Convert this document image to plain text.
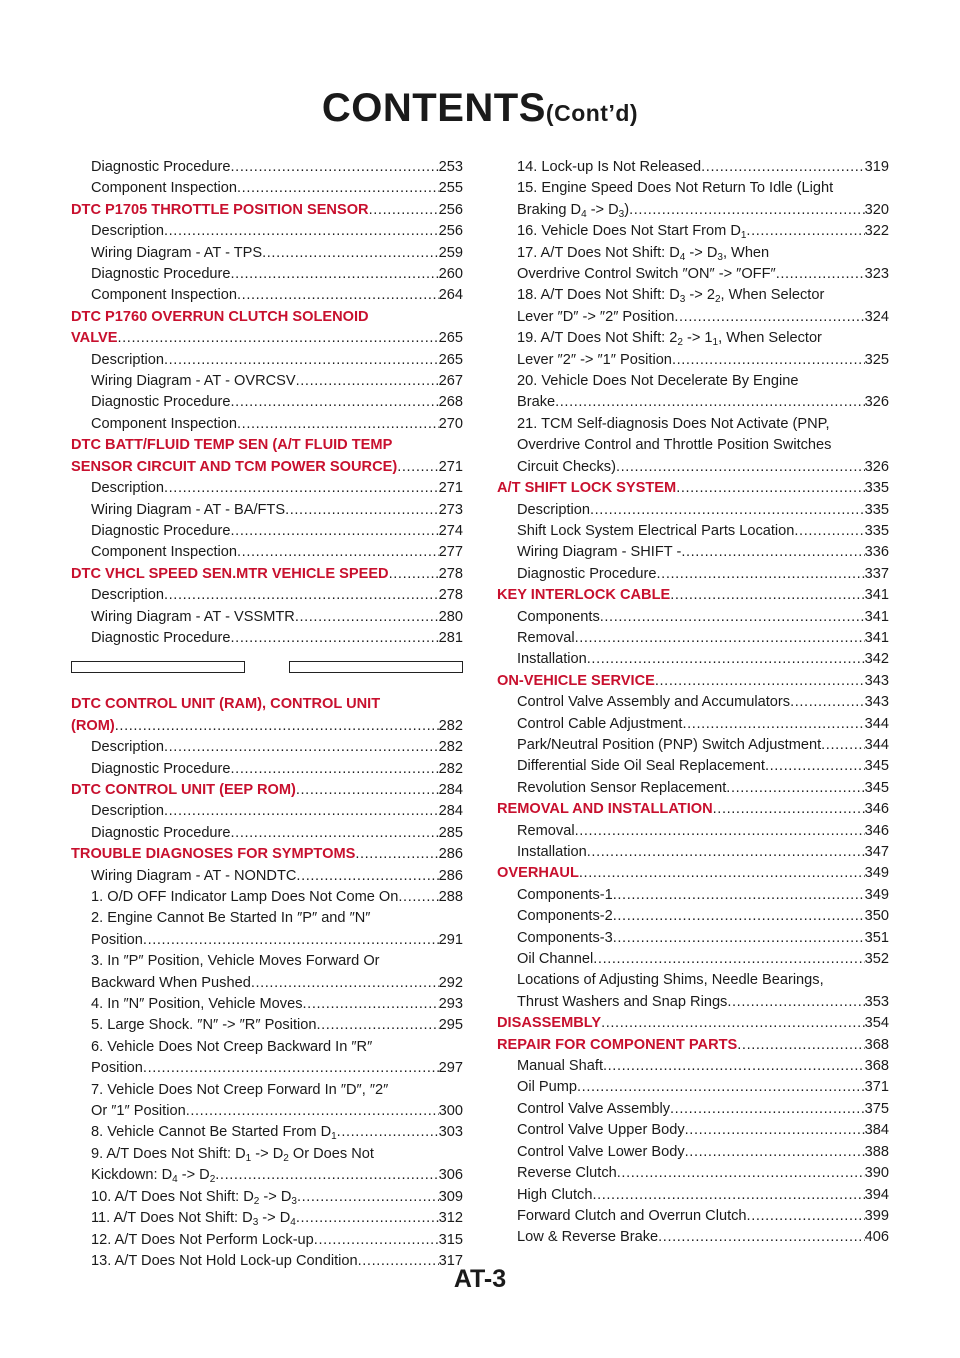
CONTENTS(Cont’d)
Diagnostic Procedure .....	253
Component Inspection .....	255
DTC P1705 THROTTLE POSITION SENSOR .....	256
Description .....	256
Wiring Diagram - AT - TPS .....	259
Diagnostic Procedure .....	260
Component Inspection .....	264
DTC P1760 OVERRUN CLUTCH SOLENOID
VALVE .....	265
Description .....	265
Wiring Diagram - AT - OVRCSV .....	267
Diagnostic Procedure .....	268
Component Inspection .....	270
DTC BATT/FLUID TEMP SEN (A/T FLUID TEMP
SENSOR CIRCUIT AND TCM POWER SOURCE) .....	271
Description .....	271
Wiring Diagram - AT - BA/FTS .....	273
Diagnostic Procedure .....	274
Component Inspection .....	277
DTC VHCL SPEED SEN.MTR VEHICLE SPEED .....	278
Description .....	278
Wiring Diagram - AT - VSSMTR .....	280
Diagnostic Procedure .....	281
DTC CONTROL UNIT (RAM), CONTROL UNIT
(ROM) .....	282
Description .....	282
Diagnostic Procedure .....	282
DTC CONTROL UNIT (EEP ROM) .....	284
Description .....	284
Diagnostic Procedure .....	285
TROUBLE DIAGNOSES FOR SYMPTOMS .....	286
Wiring Diagram - AT - NONDTC .....	286
1. O/D OFF Indicator Lamp Does Not Come On .....	288
2. Engine Cannot Be Started In ″P″ and ″N″
Position .....	291
3. In ″P″ Position, Vehicle Moves Forward Or
Backward When Pushed .....	292
4. In ″N″ Position, Vehicle Moves .....	293
5. Large Shock. ″N″ -> ″R″ Position .....	295
6. Vehicle Does Not Creep Backward In ″R″
Position .....	297
7. Vehicle Does Not Creep Forward In ″D″, ″2″
Or ″1″ Position .....	300
8. Vehicle Cannot Be Started From $D_1$ .....	303
9. A/T Does Not Shift: $D_1 -> D_2$ Or Does Not
Kickdown: $D_4 -> D_2$ .....	306
10. A/T Does Not Shift: $D_2 -> D_3$ .....	309
11. A/T Does Not Shift: $D_3 -> D_4$ .....	312
12. A/T Does Not Perform Lock-up .....	315
13. A/T Does Not Hold Lock-up Condition .....	317
14. Lock-up Is Not Released .....	319
15. Engine Speed Does Not Return To Idle (Light
Braking $D_4 -> D_3$) .....	320
16. Vehicle Does Not Start From $D_1$ .....	322
17. A/T Does Not Shift: $D_4 -> D_3$, When
Overdrive Control Switch ″ON″ -> ″OFF″ .....	323
18. A/T Does Not Shift: $D_3 -> 2_2$, When Selector
Lever ″D″ -> ″2″ Position .....	324
19. A/T Does Not Shift: $2_2 -> 1_1$, When Selector
Lever ″2″ -> ″1″ Position .....	325
20. Vehicle Does Not Decelerate By Engine
Brake .....	326
21. TCM Self-diagnosis Does Not Activate (PNP,
Overdrive Control and Throttle Position Switches
Circuit Checks) .....	326
A/T SHIFT LOCK SYSTEM .....	335
Description .....	335
Shift Lock System Electrical Parts Location .....	335
Wiring Diagram - SHIFT - .....	336
Diagnostic Procedure .....	337
KEY INTERLOCK CABLE .....	341
Components .....	341
Removal .....	341
Installation .....	342
ON-VEHICLE SERVICE .....	343
Control Valve Assembly and Accumulators .....	343
Control Cable Adjustment .....	344
Park/Neutral Position (PNP) Switch Adjustment .....	344
Differential Side Oil Seal Replacement .....	345
Revolution Sensor Replacement .....	345
REMOVAL AND INSTALLATION .....	346
Removal .....	346
Installation .....	347
OVERHAUL .....	349
Components-1 .....	349
Components-2 .....	350
Components-3 .....	351
Oil Channel .....	352
Locations of Adjusting Shims, Needle Bearings,
Thrust Washers and Snap Rings .....	353
DISASSEMBLY .....	354
REPAIR FOR COMPONENT PARTS .....	368
Manual Shaft .....	368
Oil Pump .....	371
Control Valve Assembly .....	375
Control Valve Upper Body .....	384
Control Valve Lower Body .....	388
Reverse Clutch .....	390
High Clutch .....	394
Forward Clutch and Overrun Clutch .....	399
Low & Reverse Brake .....	406
AT-3
